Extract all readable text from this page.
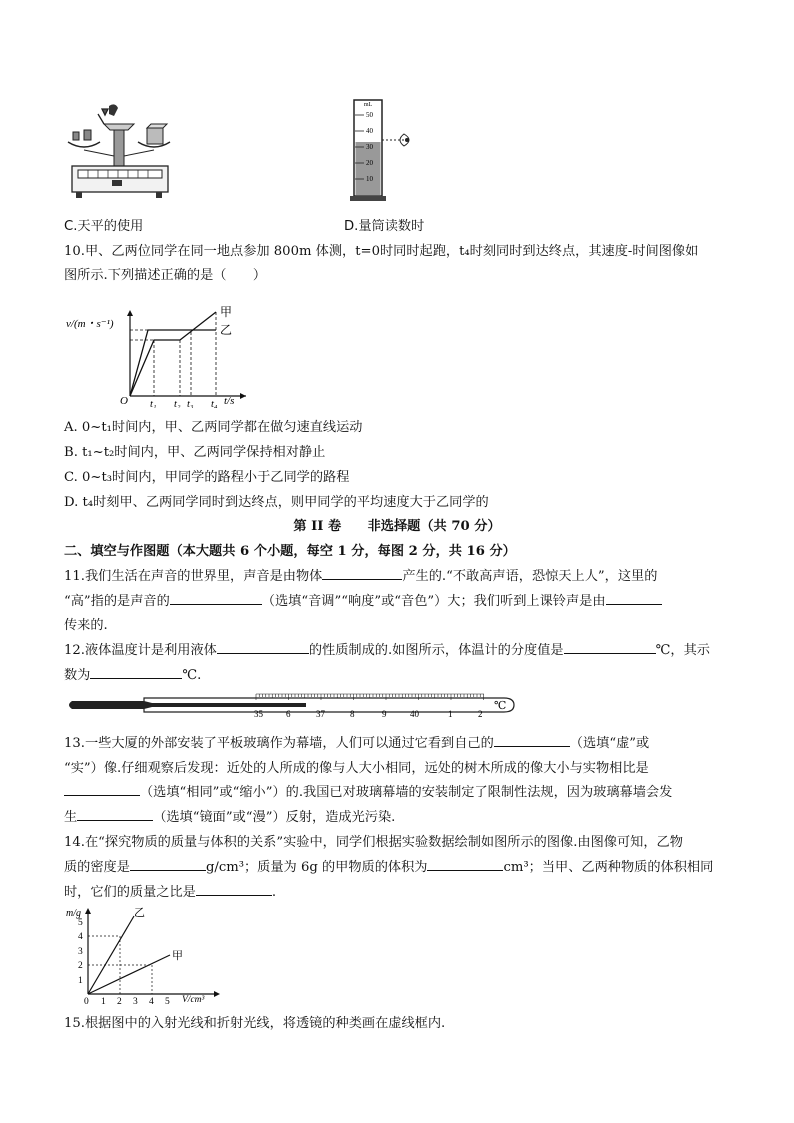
mL
50
40
30
20
10
C.天平的使用	D.量筒读数时
10.甲、乙两位同学在同一地点参加 800m 体测，t=0时同时起跑，t₄时刻同时到达终点，其速度-时间图像如
图所示.下列描述正确的是（　　）
v/(m・s⁻¹)
t/s
O
甲
乙
t₁ t₂ t₃ t₄
A. 0~t₁时间内，甲、乙两同学都在做匀速直线运动
B. t₁~t₂时间内，甲、乙两同学保持相对静止
C. 0~t₃时间内，甲同学的路程小于乙同学的路程
D. t₄时刻甲、乙两同学同时到达终点，则甲同学的平均速度大于乙同学的
第 II 卷　　非选择题（共 70 分）
二、填空与作图题（本大题共 6 个小题，每空 1 分，每图 2 分，共 16 分）
11.我们生活在声音的世界里，声音是由物体	产生的.“不敢高声语，恐惊天上人”，这里的
“高”指的是声音的	（选填“音调”“响度”或“音色”）大；我们听到上课铃声是由
传来的.
12.液体温度计是利用液体	的性质制成的.如图所示，体温计的分度值是	℃，其示
数为	℃.
35	6	37	8	9	40	1	2
℃
13.一些大厦的外部安装了平板玻璃作为幕墙，人们可以通过它看到自己的	（选填“虚”或
“实”）像.仔细观察后发现：近处的人所成的像与人大小相同，远处的树木所成的像大小与实物相比是
（选填“相同”或“缩小”）的.我国已对玻璃幕墙的安装制定了限制性法规，因为玻璃幕墙会发
生	（选填“镜面”或“漫”）反射，造成光污染.
14.在“探究物质的质量与体积的关系”实验中，同学们根据实验数据绘制如图所示的图像.由图像可知，乙物
质的密度是	g/cm³；质量为 6g 的甲物质的体积为	cm³；当甲、乙两种物质的体积相同
时，它们的质量之比是	.
m/g
V/cm³
0
乙
甲
1
2
3
4
5
1 2 3 4 5
15.根据图中的入射光线和折射光线，将透镜的种类画在虚线框内.
